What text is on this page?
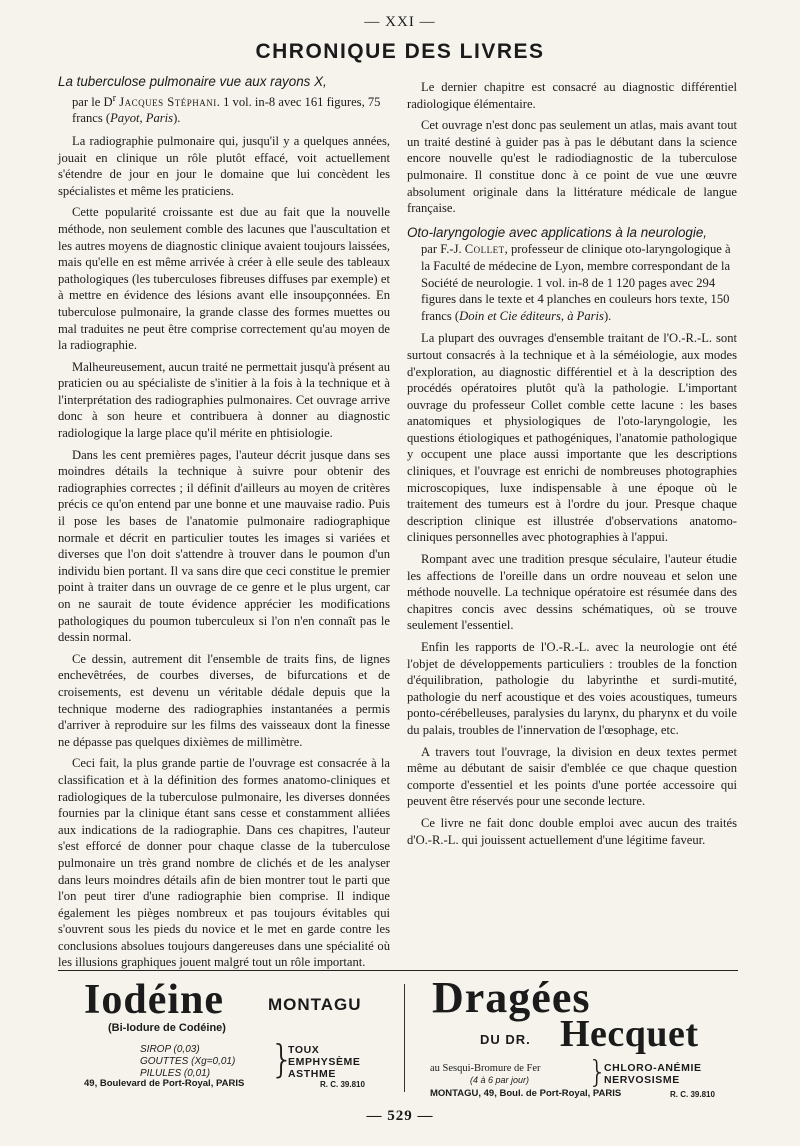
— XXI —
CHRONIQUE DES LIVRES
La tuberculose pulmonaire vue aux rayons X,
par le $D^r$ Jacques Stéphani. 1 vol. in-8 avec 161 figures, 75 francs (Payot, Paris).

La radiographie pulmonaire qui, jusqu'il y a quelques années, jouait en clinique un rôle plutôt effacé, voit actuellement s'étendre de jour en jour le domaine que lui concèdent les spécialistes et même les praticiens.

Cette popularité croissante est due au fait que la nouvelle méthode, non seulement comble des lacunes que l'auscultation et les autres moyens de diagnostic clinique avaient toujours laissées, mais qu'elle en est même arrivée à créer à elle seule des tableaux pathologiques (les tuberculoses fibreuses diffuses par exemple) et à mettre en évidence des lésions avant elle insoupçonnées. En tuberculose pulmonaire, la grande classe des formes muettes ou mal traduites ne peut être comprise correctement qu'au moyen de la radiographie.

Malheureusement, aucun traité ne permettait jusqu'à présent au praticien ou au spécialiste de s'initier à la fois à la technique et à l'interprétation des radiographies pulmonaires. Cet ouvrage arrive donc à son heure et contribuera à donner au diagnostic radiologique la large place qu'il mérite en phtisiologie.

Dans les cent premières pages, l'auteur décrit jusque dans ses moindres détails la technique à suivre pour obtenir des radiographies correctes ; il définit d'ailleurs au moyen de critères précis ce qu'on entend par une bonne et une mauvaise radio. Puis il pose les bases de l'anatomie pulmonaire radiographique normale et décrit en particulier toutes les images si variées et diverses que l'on doit s'attendre à trouver dans le poumon d'un individu bien portant. Il va sans dire que ceci constitue le premier point à traiter dans un ouvrage de ce genre et le plus urgent, car on ne saurait de toute évidence apprécier les modifications pathologiques du poumon tuberculeux si l'on n'en connaît pas le dessin normal.

Ce dessin, autrement dit l'ensemble de traits fins, de lignes enchevêtrées, de courbes diverses, de bifurcations et de croisements, est devenu un véritable dédale depuis que la technique moderne des radiographies instantanées a permis d'arriver à reproduire sur les films des vaisseaux dont la finesse ne dépasse pas quelques dixièmes de millimètre.

Ceci fait, la plus grande partie de l'ouvrage est consacrée à la classification et à la définition des formes anatomo-cliniques et radiologiques de la tuberculose pulmonaire, les diverses données fournies par la clinique étant sans cesse et constamment alliées aux indications de la radiographie. Dans ces chapitres, l'auteur s'est efforcé de donner pour chaque classe de la tuberculose pulmonaire un très grand nombre de clichés et de les analyser dans leurs moindres détails afin de bien montrer tout le parti que l'on peut tirer d'une radiographie bien comprise. Il indique également les pièges nombreux et pas toujours évitables qui s'ouvrent sous les pieds du novice et le met en garde contre les conclusions absolues toujours dangereuses dans une spécialité où les illusions graphiques jouent malgré tout un rôle important.

Le dernier chapitre est consacré au diagnostic différentiel radiologique élémentaire.

Cet ouvrage n'est donc pas seulement un atlas, mais avant tout un traité destiné à guider pas à pas le débutant dans la science encore nouvelle qu'est le radiodiagnostic de la tuberculose pulmonaire. Il constitue donc à ce point de vue une œuvre absolument originale dans la littérature médicale de langue française.

Oto-laryngologie avec applications à la neurologie,
par F.-J. Collet, professeur de clinique oto-laryngologique à la Faculté de médecine de Lyon, membre correspondant de la Société de neurologie. 1 vol. in-8 de 1 120 pages avec 294 figures dans le texte et 4 planches en couleurs hors texte, 150 francs (Doin et Cie éditeurs, à Paris).

La plupart des ouvrages d'ensemble traitant de l'O.-R.-L. sont surtout consacrés à la technique et à la séméiologie, aux modes d'exploration, au diagnostic différentiel et à la description des procédés opératoires plutôt qu'à la pathologie. L'important ouvrage du professeur Collet comble cette lacune : les bases anatomiques et physiologiques de l'oto-laryngologie, les questions étiologiques et pathogéniques, l'anatomie pathologique y occupent une place aussi importante que les descriptions cliniques, et l'ouvrage est enrichi de nombreuses photographies microscopiques, luxe indispensable à une époque où le traitement des tumeurs est à l'ordre du jour. Presque chaque description clinique est illustrée d'observations anatomo-cliniques personnelles avec photographies à l'appui.

Rompant avec une tradition presque séculaire, l'auteur étudie les affections de l'oreille dans un ordre nouveau et selon une méthode nouvelle. La technique opératoire est résumée dans des chapitres concis avec dessins schématiques, où se trouve seulement l'essentiel.

Enfin les rapports de l'O.-R.-L. avec la neurologie ont été l'objet de développements particuliers : troubles de la fonction d'équilibration, pathologie du labyrinthe et surdi-mutité, pathologie du nerf acoustique et des voies acoustiques, tumeurs ponto-cérébelleuses, paralysies du larynx, du pharynx et du voile du palais, troubles de l'innervation de l'œsophage, etc.

A travers tout l'ouvrage, la division en deux textes permet même au débutant de saisir d'emblée ce que chaque question comporte d'essentiel et les points d'une portée accessoire qui peuvent être réservés pour une seconde lecture.

Ce livre ne fait donc double emploi avec aucun des traités d'O.-R.-L. qui jouissent actuellement d'une légitime faveur.

Iodéine	MONTAGU
(Bi-Iodure de Codéine)
SIROP (0,03)
GOUTTES (Xg=0,01)
PILULES (0,01)	}
TOUX
EMPHYSÈME
ASTHME
49, Boulevard de Port-Royal, PARIS	R. C. 39.810
Dragées
DU DR. Hecquet
au Sesqui-Bromure de Fer
(4 à 6 par jour) }
CHLORO-ANÉMIE
NERVOSISME
MONTAGU, 49, Boul. de Port-Royal, PARIS	R. C. 39.810
— 529 —
